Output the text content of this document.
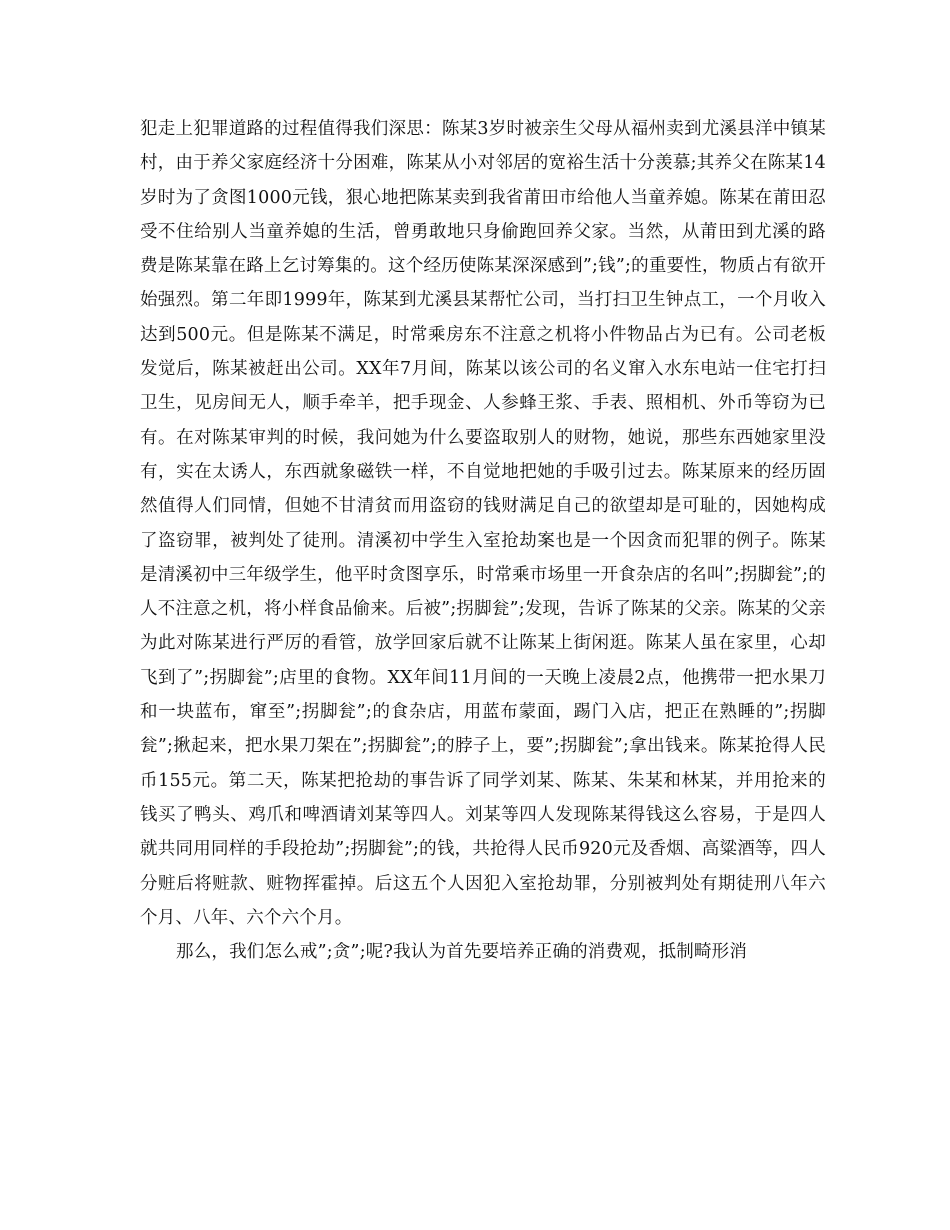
犯走上犯罪道路的过程值得我们深思：陈某3岁时被亲生父母从福州卖到尤溪县洋中镇某村，由于养父家庭经济十分困难，陈某从小对邻居的宽裕生活十分羡慕;其养父在陈某14岁时为了贪图1000元钱，狠心地把陈某卖到我省莆田市给他人当童养媳。陈某在莆田忍受不住给别人当童养媳的生活，曾勇敢地只身偷跑回养父家。当然，从莆田到尤溪的路费是陈某靠在路上乞讨筹集的。这个经历使陈某深深感到”;钱”;的重要性，物质占有欲开始强烈。第二年即1999年，陈某到尤溪县某帮忙公司，当打扫卫生钟点工，一个月收入达到500元。但是陈某不满足，时常乘房东不注意之机将小件物品占为已有。公司老板发觉后，陈某被赶出公司。XX年7月间，陈某以该公司的名义窜入水东电站一住宅打扫卫生，见房间无人，顺手牵羊，把手现金、人参蜂王浆、手表、照相机、外币等窃为已有。在对陈某审判的时候，我问她为什么要盗取别人的财物，她说，那些东西她家里没有，实在太诱人，东西就象磁铁一样，不自觉地把她的手吸引过去。陈某原来的经历固然值得人们同情，但她不甘清贫而用盗窃的钱财满足自己的欲望却是可耻的，因她构成了盗窃罪，被判处了徒刑。清溪初中学生入室抢劫案也是一个因贪而犯罪的例子。陈某是清溪初中三年级学生，他平时贪图享乐，时常乘市场里一开食杂店的名叫”;拐脚瓮”;的人不注意之机，将小样食品偷来。后被”;拐脚瓮”;发现，告诉了陈某的父亲。陈某的父亲为此对陈某进行严厉的看管，放学回家后就不让陈某上街闲逛。陈某人虽在家里，心却飞到了”;拐脚瓮”;店里的食物。XX年间11月间的一天晚上凌晨2点，他携带一把水果刀和一块蓝布，窜至”;拐脚瓮”;的食杂店，用蓝布蒙面，踢门入店，把正在熟睡的”;拐脚瓮”;揪起来，把水果刀架在”;拐脚瓮”;的脖子上，要”;拐脚瓮”;拿出钱来。陈某抢得人民币155元。第二天，陈某把抢劫的事告诉了同学刘某、陈某、朱某和林某，并用抢来的钱买了鸭头、鸡爪和啤酒请刘某等四人。刘某等四人发现陈某得钱这么容易，于是四人就共同用同样的手段抢劫”;拐脚瓮”;的钱，共抢得人民币920元及香烟、高粱酒等，四人分赃后将赃款、赃物挥霍掉。后这五个人因犯入室抢劫罪，分别被判处有期徒刑八年六个月、八年、六个六个月。

那么，我们怎么戒”;贪”;呢?我认为首先要培养正确的消费观，抵制畸形消
